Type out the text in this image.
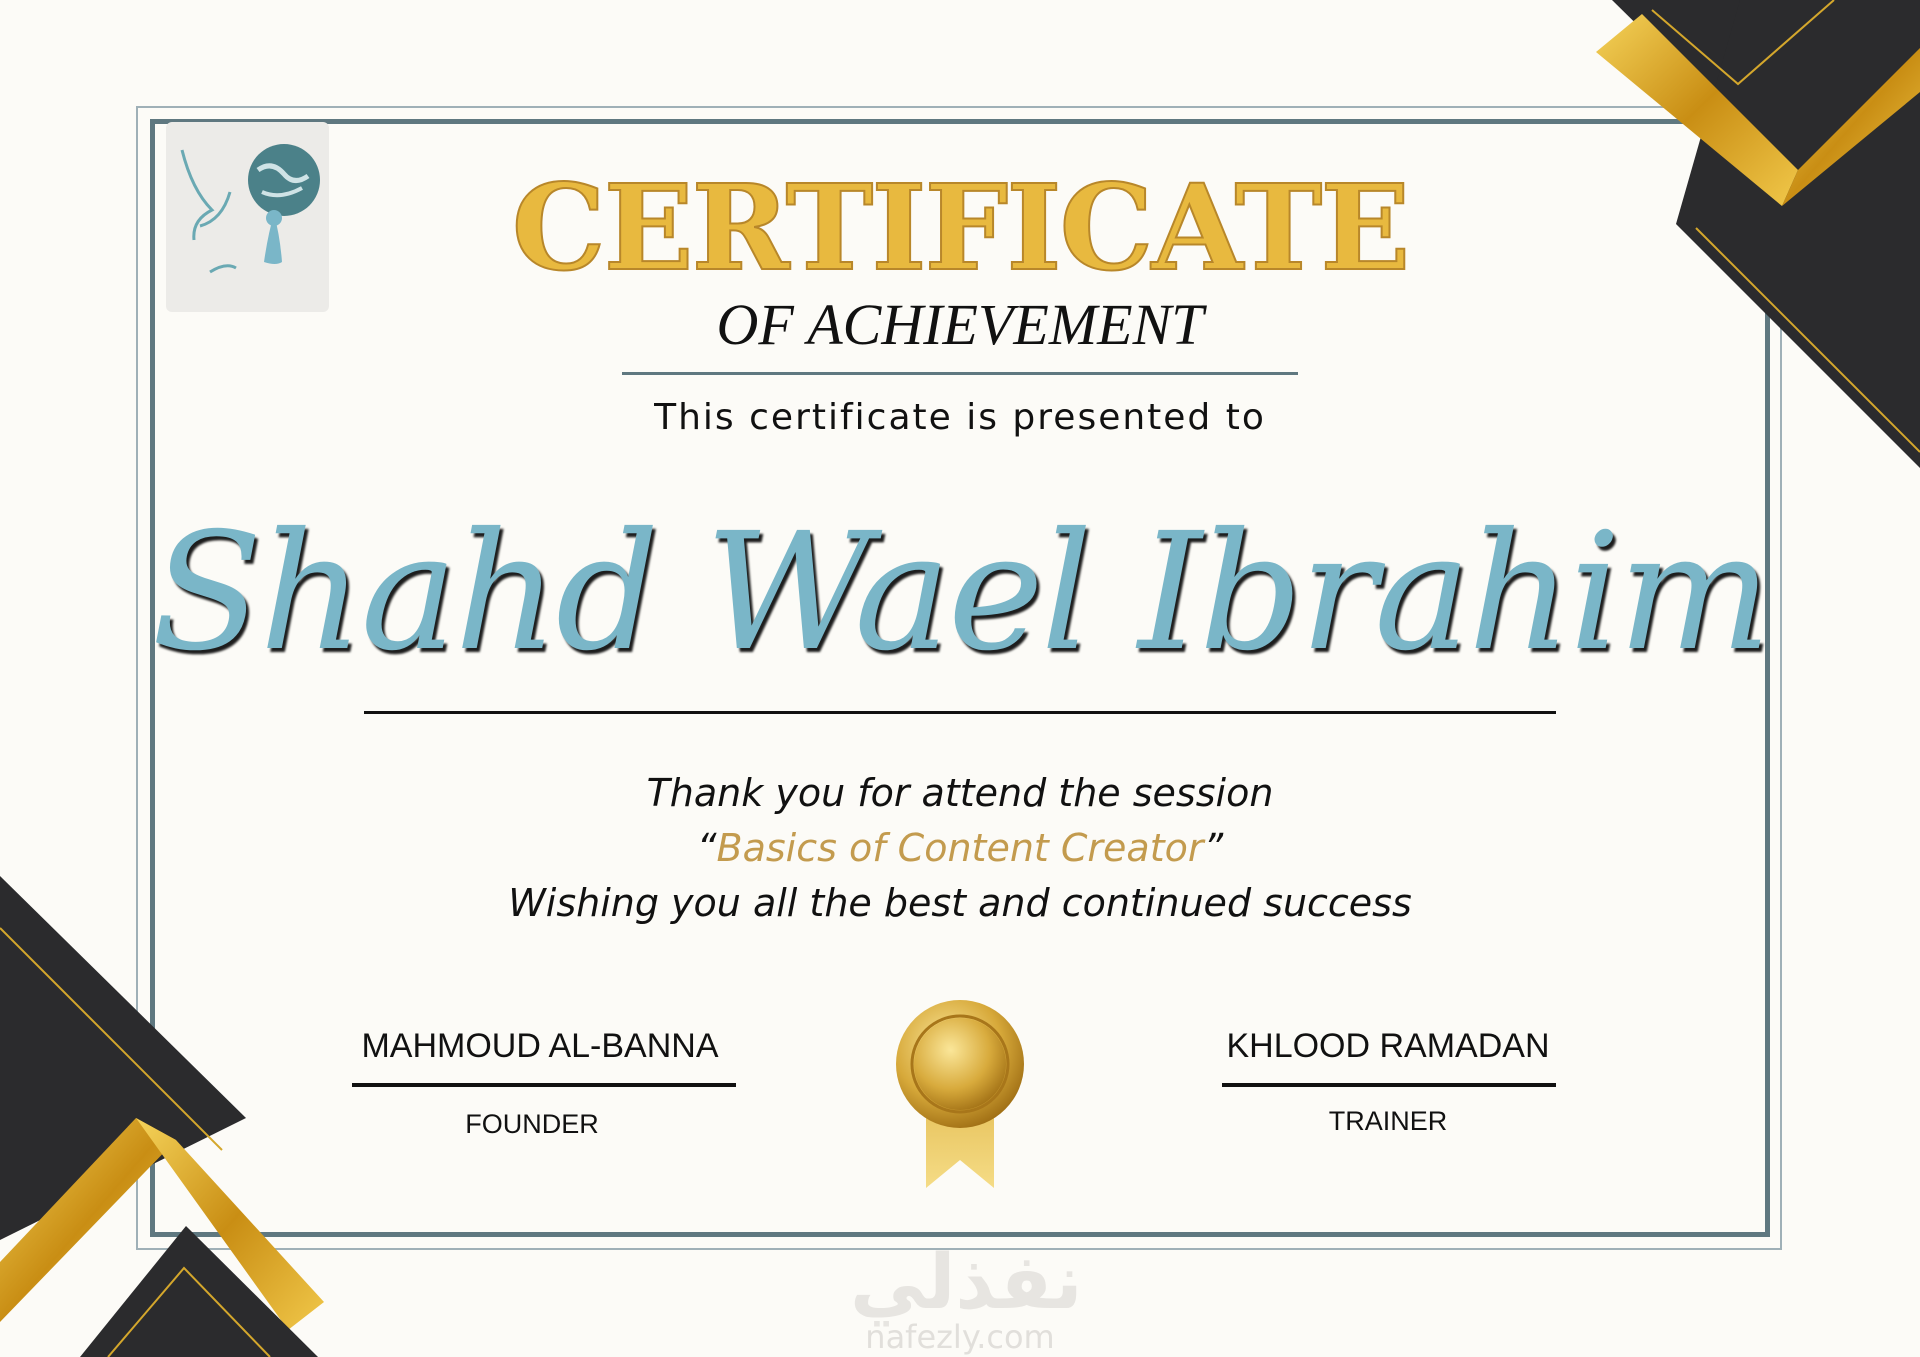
CERTIFICATE
OF ACHIEVEMENT
This certificate is presented to
Shahd Wael Ibrahim
Thank you for attend the session
“Basics of Content Creator”
Wishing you all the best and continued success
MAHMOUD AL-BANNA
FOUNDER
KHLOOD RAMADAN
TRAINER
نفذلي
nafezly.com
